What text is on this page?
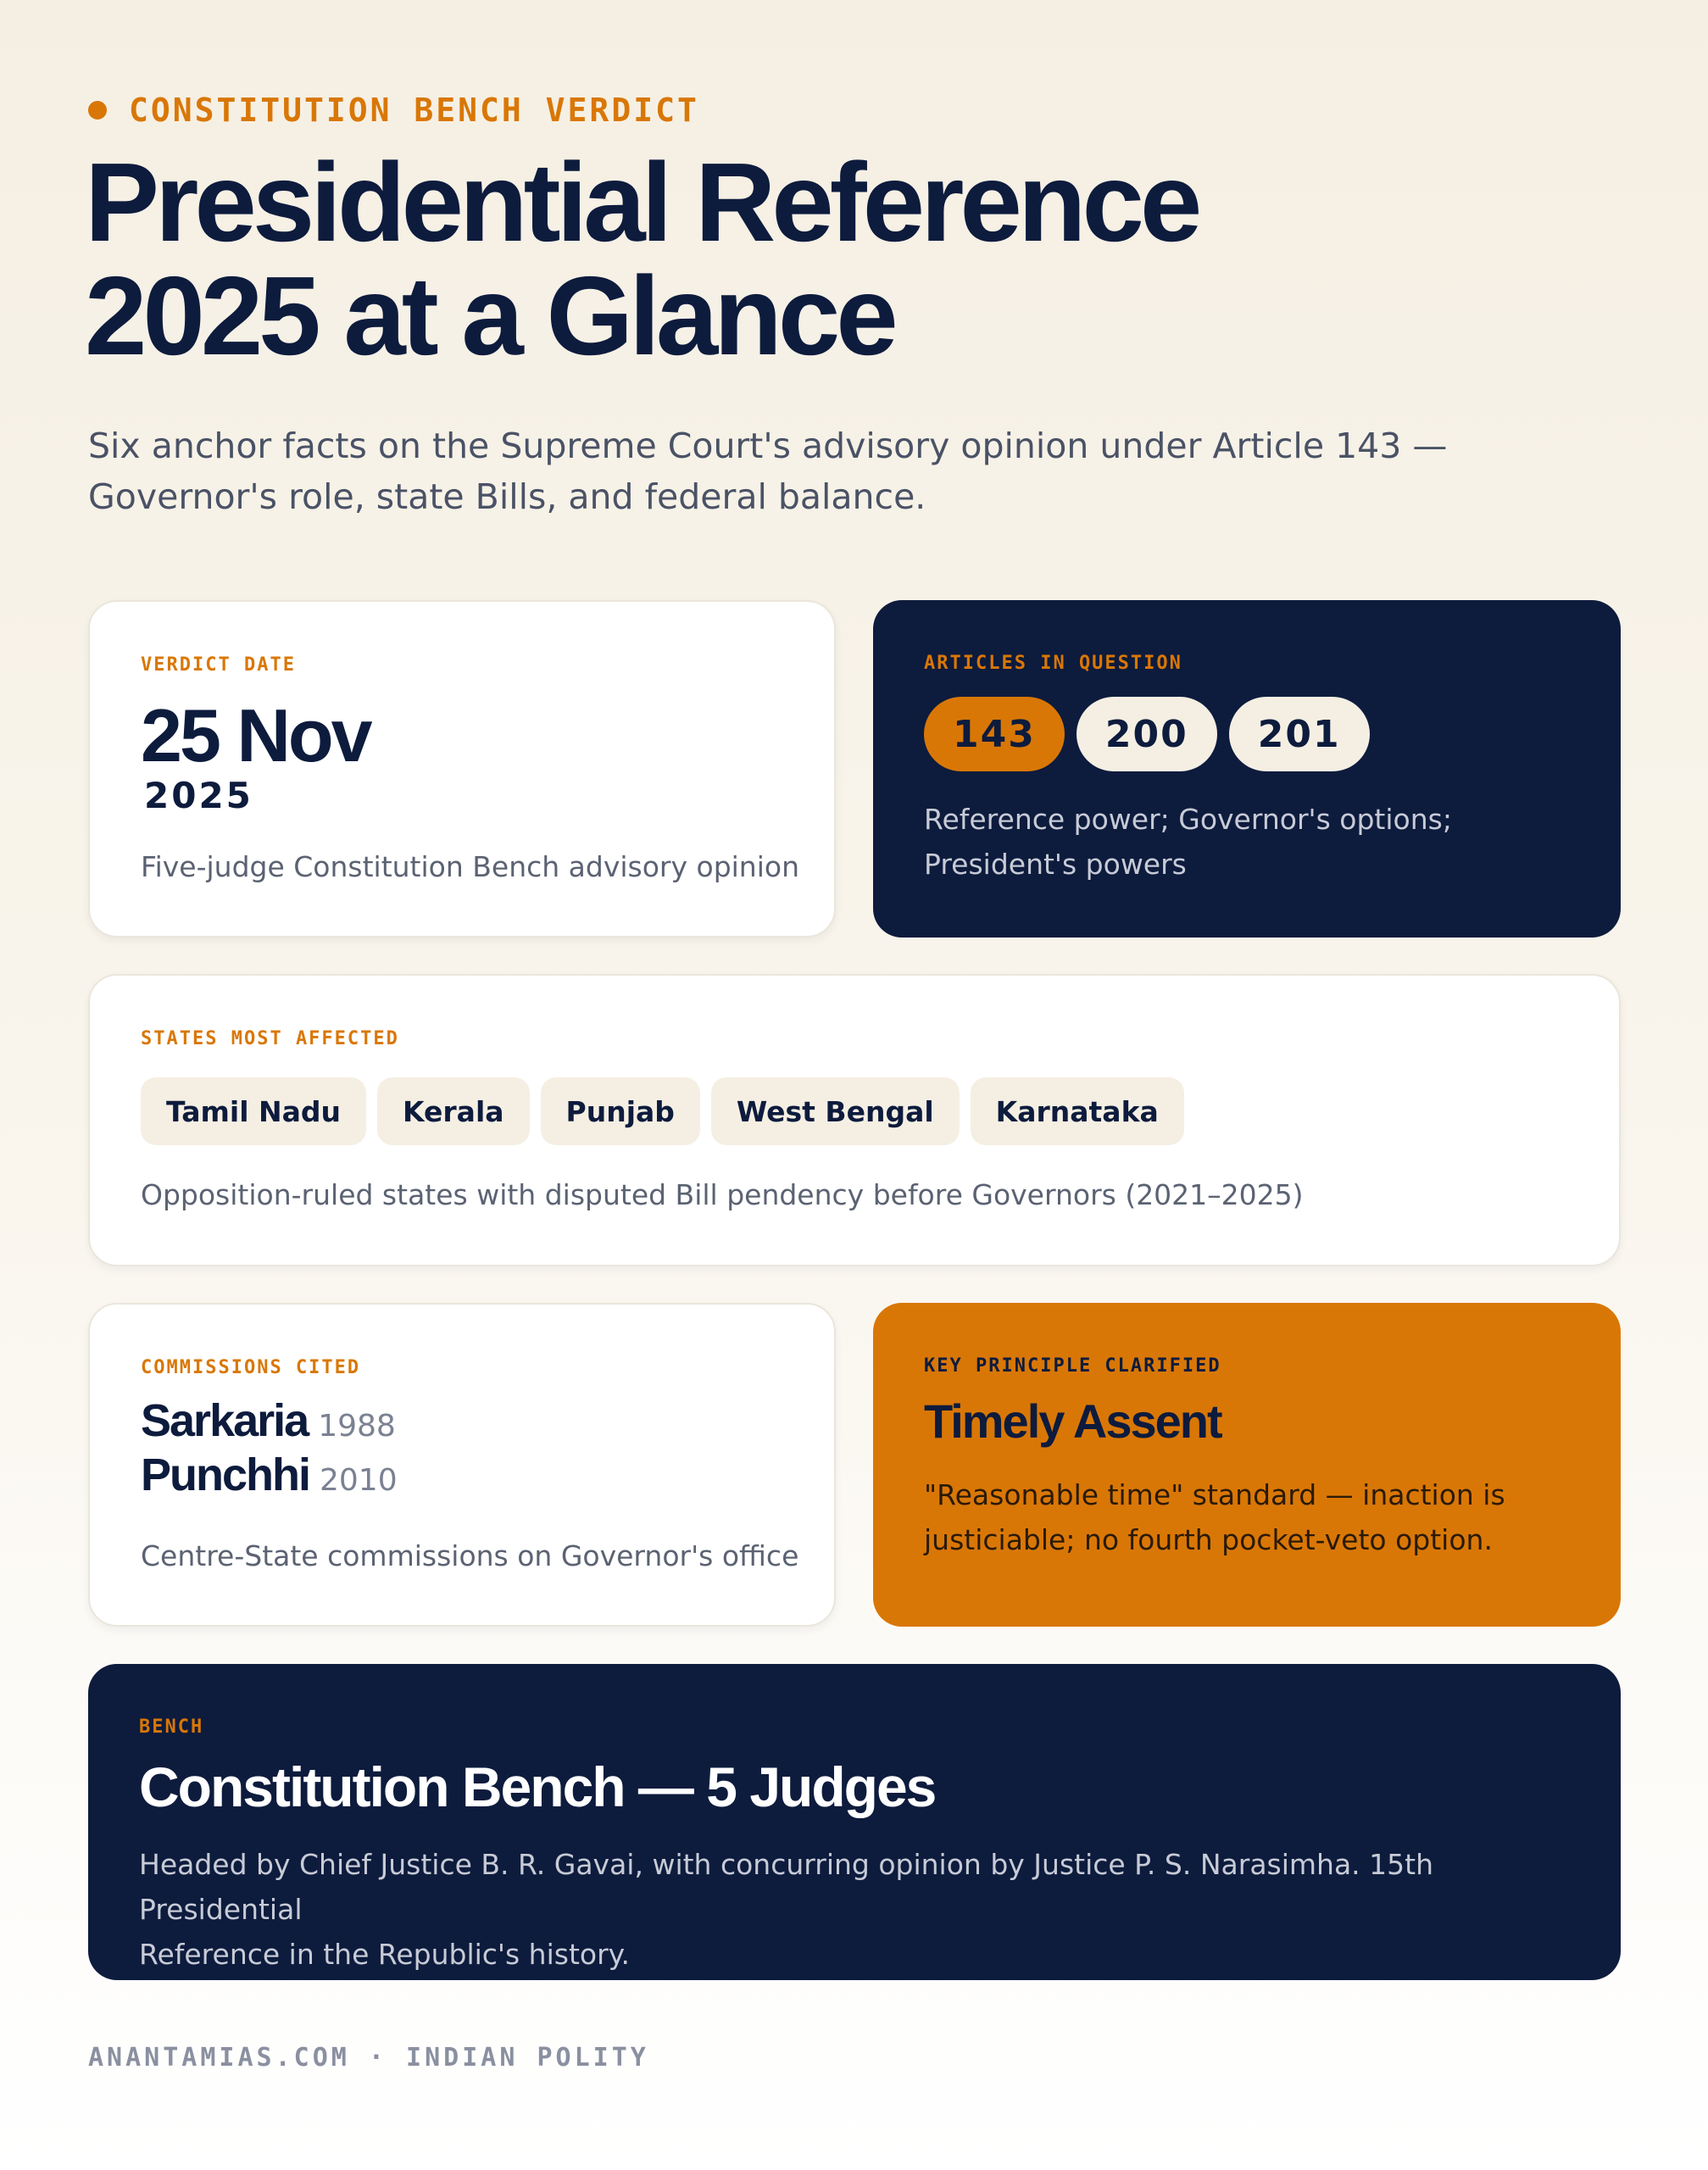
CONSTITUTION BENCH VERDICT
Presidential Reference
2025 at a Glance
Six anchor facts on the Supreme Court's advisory opinion under Article 143 —
Governor's role, state Bills, and federal balance.
VERDICT DATE
25 Nov
2025
Five-judge Constitution Bench advisory opinion
ARTICLES IN QUESTION
143	200	201
Reference power; Governor's options;
President's powers
STATES MOST AFFECTED
Tamil Nadu	Kerala	Punjab	West Bengal	Karnataka
Opposition-ruled states with disputed Bill pendency before Governors (2021–2025)
COMMISSIONS CITED
Sarkaria 1988
Punchhi 2010
Centre-State commissions on Governor's office
KEY PRINCIPLE CLARIFIED
Timely Assent
"Reasonable time" standard — inaction is
justiciable; no fourth pocket-veto option.
BENCH
Constitution Bench — 5 Judges
Headed by Chief Justice B. R. Gavai, with concurring opinion by Justice P. S. Narasimha. 15th Presidential
Reference in the Republic's history.
ANANTAMIAS.COM · INDIAN POLITY
